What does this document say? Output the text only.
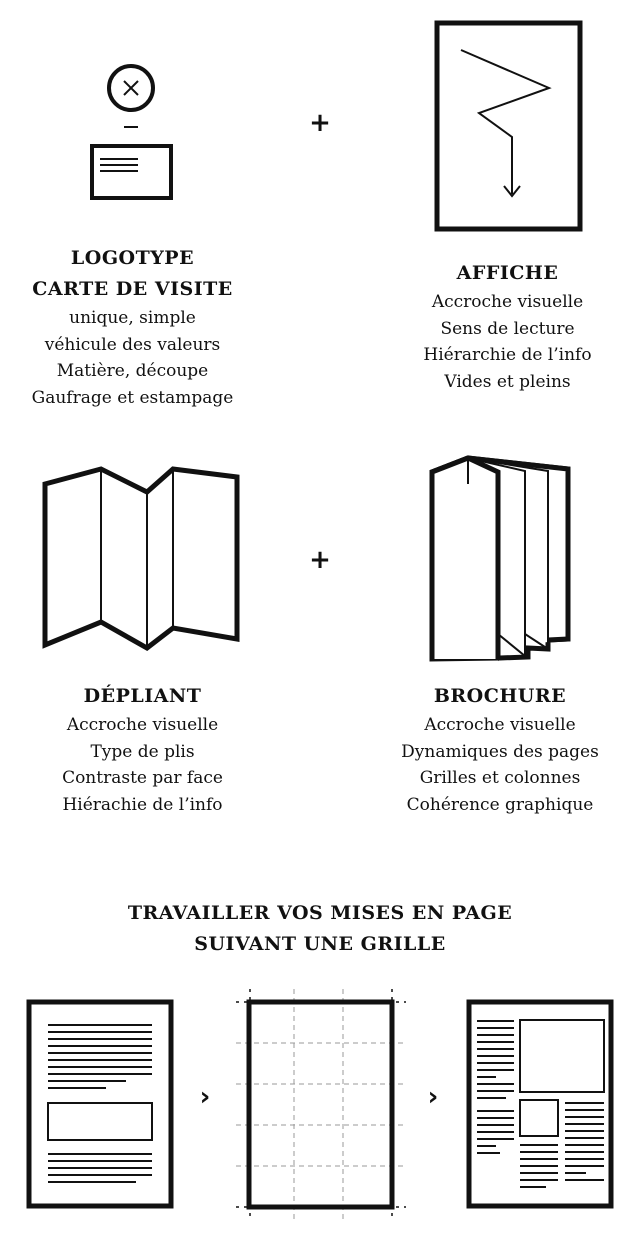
+
LOGOTYPE
CARTE DE VISITE
unique, simple
véhicule des valeurs
Matière, découpe
Gaufrage et estampage
AFFICHE
Accroche visuelle
Sens de lecture
Hiérarchie de l’info
Vides et pleins
+
DÉPLIANT
Accroche visuelle
Type de plis
Contraste par face
Hiérachie de l’info
BROCHURE
Accroche visuelle
Dynamiques des pages
Grilles et colonnes
Cohérence graphique
TRAVAILLER VOS MISES EN PAGE
SUIVANT UNE GRILLE
›	›
